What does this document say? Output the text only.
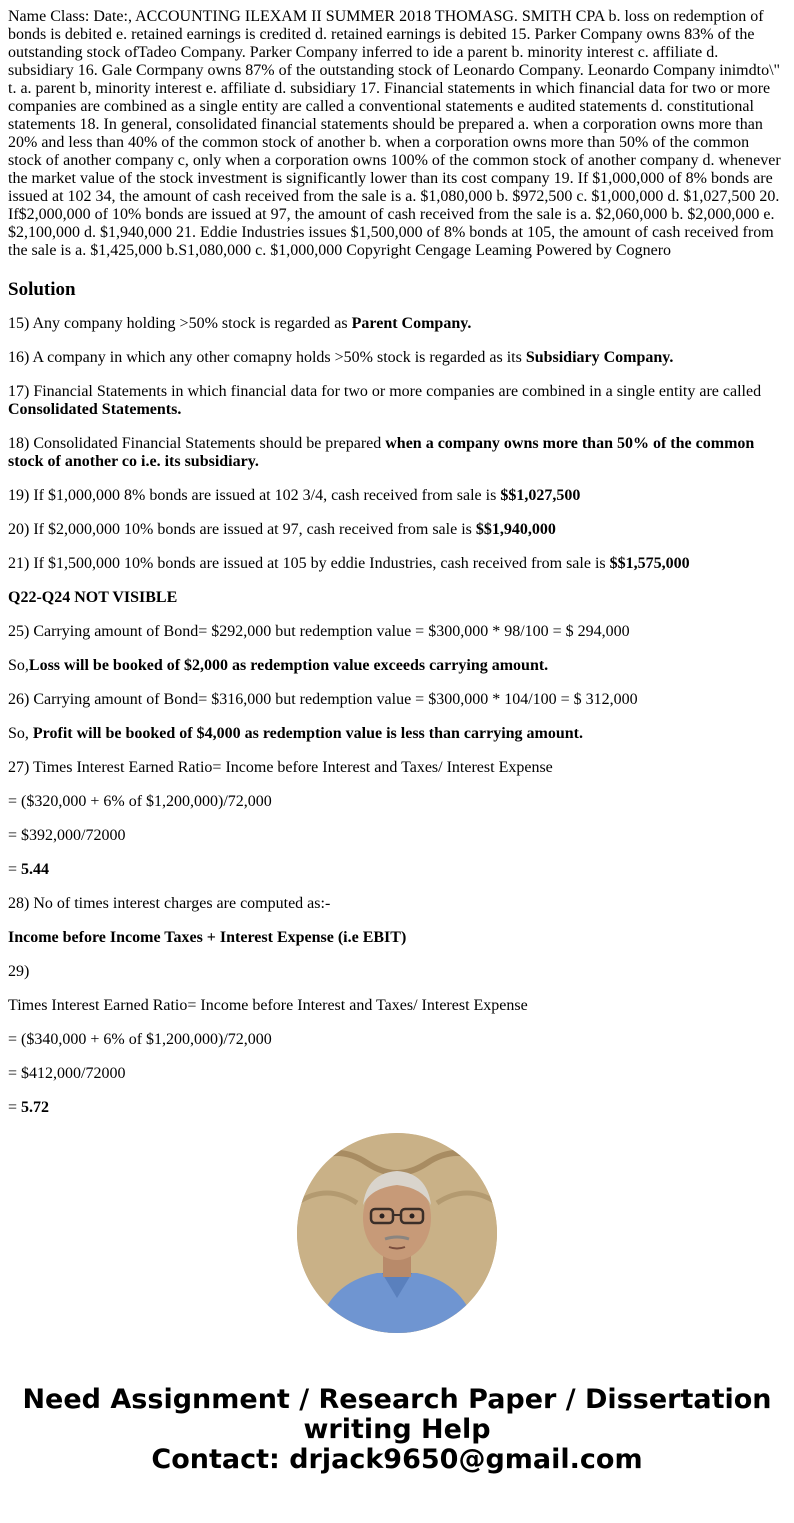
Name Class: Date:, ACCOUNTING ILEXAM II SUMMER 2018 THOMASG. SMITH CPA b. loss on redemption of bonds is debited e. retained earnings is credited d. retained earnings is debited 15. Parker Company owns 83% of the outstanding stock ofTadeo Company. Parker Company inferred to ide a parent b. minority interest c. affiliate d. subsidiary 16. Gale Cormpany owns 87% of the outstanding stock of Leonardo Company. Leonardo Company inimdto\" t. a. parent b, minority interest e. affiliate d. subsidiary 17. Financial statements in which financial data for two or more companies are combined as a single entity are called a conventional statements e audited statements d. constitutional statements 18. In general, consolidated financial statements should be prepared a. when a corporation owns more than 20% and less than 40% of the common stock of another b. when a corporation owns more than 50% of the common stock of another company c, only when a corporation owns 100% of the common stock of another company d. whenever the market value of the stock investment is significantly lower than its cost company 19. If $1,000,000 of 8% bonds are issued at 102 34, the amount of cash received from the sale is a. $1,080,000 b. $972,500 c. $1,000,000 d. $1,027,500 20. If$2,000,000 of 10% bonds are issued at 97, the amount of cash received from the sale is a. $2,060,000 b. $2,000,000 e. $2,100,000 d. $1,940,000 21. Eddie Industries issues $1,500,000 of 8% bonds at 105, the amount of cash received from the sale is a. $1,425,000 b.S1,080,000 c. $1,000,000 Copyright Cengage Leaming Powered by Cognero

Solution

15) Any company holding >50% stock is regarded as Parent Company.

16) A company in which any other comapny holds >50% stock is regarded as its Subsidiary Company.

17) Financial Statements in which financial data for two or more companies are combined in a single entity are called Consolidated Statements.

18) Consolidated Financial Statements should be prepared when a company owns more than 50% of the common stock of another co i.e. its subsidiary.

19) If $1,000,000 8% bonds are issued at 102 3/4, cash received from sale is $$1,027,500

20) If $2,000,000 10% bonds are issued at 97, cash received from sale is $$1,940,000

21) If $1,500,000 10% bonds are issued at 105 by eddie Industries, cash received from sale is $$1,575,000

Q22-Q24 NOT VISIBLE

25) Carrying amount of Bond= $292,000 but redemption value = $300,000 * 98/100 = $ 294,000

So,Loss will be booked of $2,000 as redemption value exceeds carrying amount.

26) Carrying amount of Bond= $316,000 but redemption value = $300,000 * 104/100 = $ 312,000

So, Profit will be booked of $4,000 as redemption value is less than carrying amount.

27) Times Interest Earned Ratio= Income before Interest and Taxes/ Interest Expense

= ($320,000 + 6% of $1,200,000)/72,000

= $392,000/72000

= 5.44

28) No of times interest charges are computed as:-

Income before Income Taxes + Interest Expense (i.e EBIT)

29)

Times Interest Earned Ratio= Income before Interest and Taxes/ Interest Expense

= ($340,000 + 6% of $1,200,000)/72,000

= $412,000/72000

= 5.72

Need Assignment / Research Paper / Dissertation writing Help
Contact: drjack9650@gmail.com
